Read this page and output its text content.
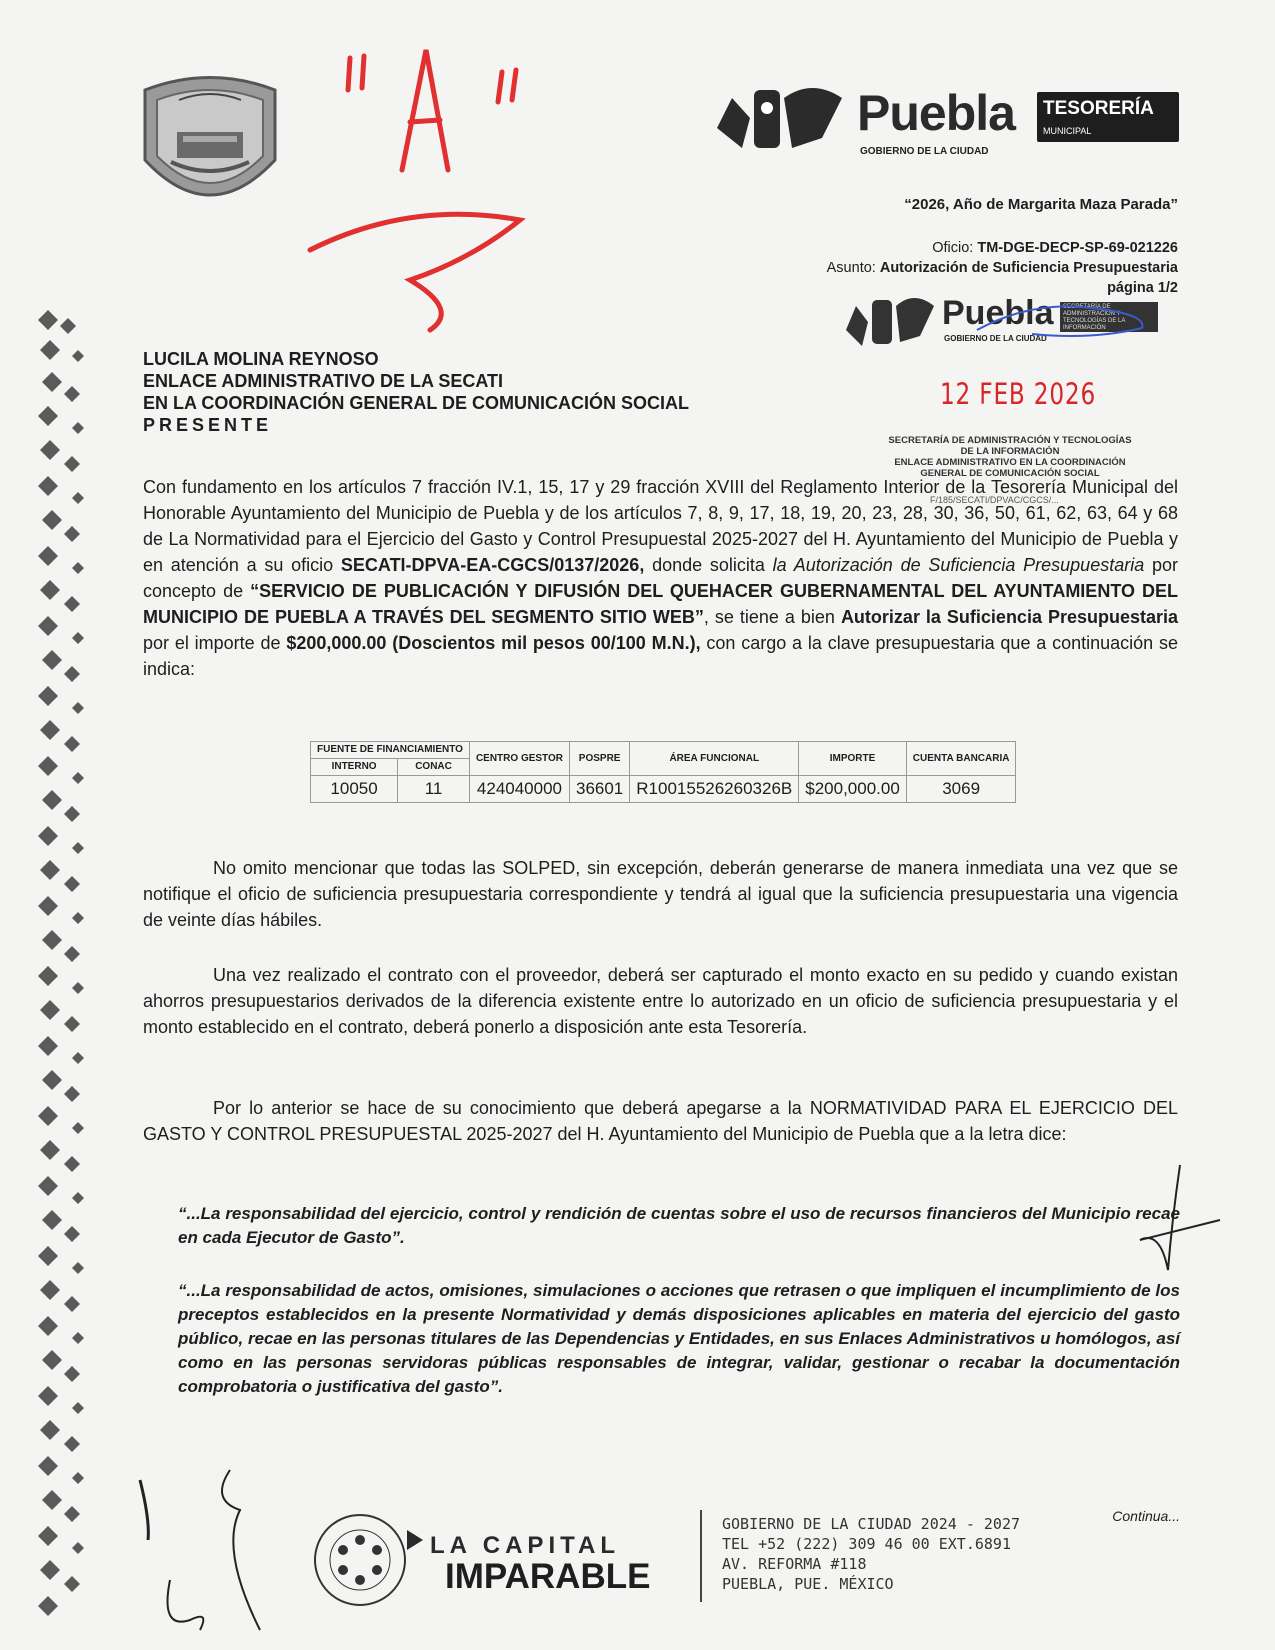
Puebla
GOBIERNO DE LA CIUDAD
TESORERÍA
MUNICIPAL
“2026, Año de Margarita Maza Parada”
Oficio: TM-DGE-DECP-SP-69-021226
Asunto: Autorización de Suficiencia Presupuestaria
página 1/2
Puebla
GOBIERNO DE LA CIUDAD
SECRETARÍA DE ADMINISTRACIÓN Y TECNOLOGÍAS DE LA INFORMACIÓN
12 FEB 2026
SECRETARÍA DE ADMINISTRACIÓN Y TECNOLOGÍAS
DE LA INFORMACIÓN
ENLACE ADMINISTRATIVO EN LA COORDINACIÓN
GENERAL DE COMUNICACIÓN SOCIAL
F/185/SECATI/DPVAC/CGCS/...
LUCILA MOLINA REYNOSO
ENLACE ADMINISTRATIVO DE LA SECATI
EN LA COORDINACIÓN GENERAL DE COMUNICACIÓN SOCIAL
PRESENTE
Con fundamento en los artículos 7 fracción IV.1, 15, 17 y 29 fracción XVIII del Reglamento Interior de la Tesorería Municipal del Honorable Ayuntamiento del Municipio de Puebla y de los artículos 7, 8, 9, 17, 18, 19, 20, 23, 28, 30, 36, 50, 61, 62, 63, 64 y 68 de La Normatividad para el Ejercicio del Gasto y Control Presupuestal 2025-2027 del H. Ayuntamiento del Municipio de Puebla y en atención a su oficio SECATI-DPVA-EA-CGCS/0137/2026, donde solicita la Autorización de Suficiencia Presupuestaria por concepto de “SERVICIO DE PUBLICACIÓN Y DIFUSIÓN DEL QUEHACER GUBERNAMENTAL DEL AYUNTAMIENTO DEL MUNICIPIO DE PUEBLA A TRAVÉS DEL SEGMENTO SITIO WEB”, se tiene a bien Autorizar la Suficiencia Presupuestaria por el importe de $200,000.00 (Doscientos mil pesos 00/100 M.N.), con cargo a la clave presupuestaria que a continuación se indica:
FUENTE DE FINANCIAMIENTO		CENTRO GESTOR	POSPRE	ÁREA FUNCIONAL	IMPORTE	CUENTA BANCARIA
INTERNO	CONAC					
10050	11	424040000	36601	R10015526260326B	$200,000.00	3069
No omito mencionar que todas las SOLPED, sin excepción, deberán generarse de manera inmediata una vez que se notifique el oficio de suficiencia presupuestaria correspondiente y tendrá al igual que la suficiencia presupuestaria una vigencia de veinte días hábiles.
Una vez realizado el contrato con el proveedor, deberá ser capturado el monto exacto en su pedido y cuando existan ahorros presupuestarios derivados de la diferencia existente entre lo autorizado en un oficio de suficiencia presupuestaria y el monto establecido en el contrato, deberá ponerlo a disposición ante esta Tesorería.
Por lo anterior se hace de su conocimiento que deberá apegarse a la NORMATIVIDAD PARA EL EJERCICIO DEL GASTO Y CONTROL PRESUPUESTAL 2025-2027 del H. Ayuntamiento del Municipio de Puebla que a la letra dice:
“...La responsabilidad del ejercicio, control y rendición de cuentas sobre el uso de recursos financieros del Municipio recae en cada Ejecutor de Gasto”.
“...La responsabilidad de actos, omisiones, simulaciones o acciones que retrasen o que impliquen el incumplimiento de los preceptos establecidos en la presente Normatividad y demás disposiciones aplicables en materia del ejercicio del gasto público, recae en las personas titulares de las Dependencias y Entidades, en sus Enlaces Administrativos u homólogos, así como en las personas servidoras públicas responsables de integrar, validar, gestionar o recabar la documentación comprobatoria o justificativa del gasto”.
Continua...
LA CAPITAL
IMPARABLE
GOBIERNO DE LA CIUDAD 2024 - 2027
TEL +52 (222) 309 46 00 EXT.6891
AV. REFORMA #118
PUEBLA, PUE. MÉXICO
